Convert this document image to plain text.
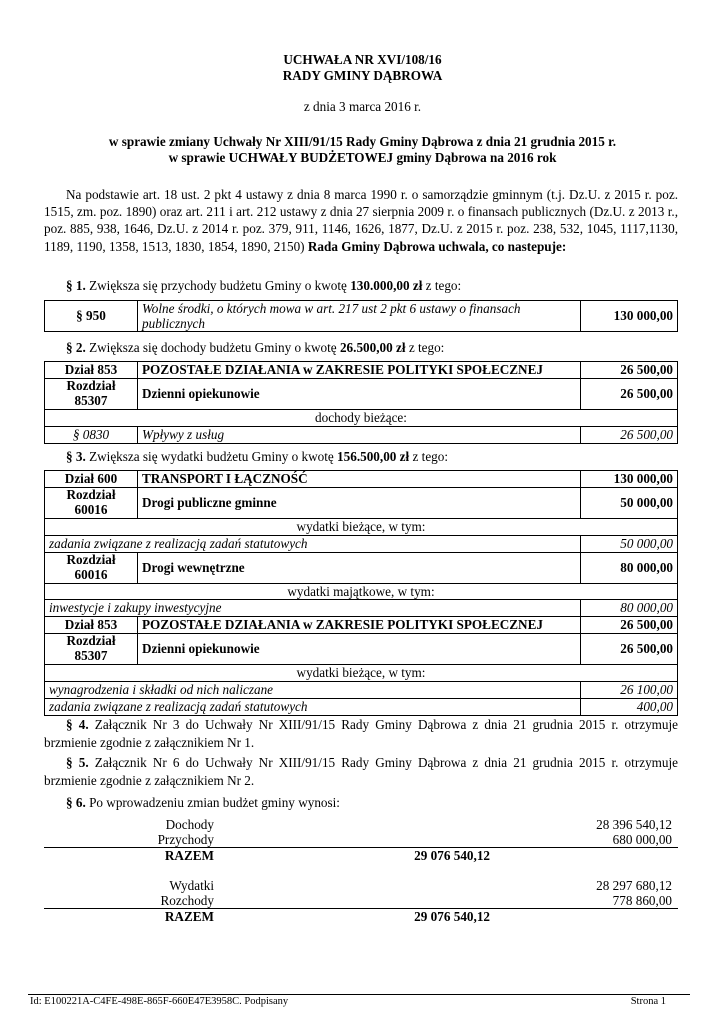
UCHWAŁA NR XVI/108/16
RADY GMINY DĄBROWA
z dnia 3 marca 2016 r.
w sprawie zmiany Uchwały Nr XIII/91/15 Rady Gminy Dąbrowa z dnia 21 grudnia 2015 r.
w sprawie UCHWAŁY BUDŻETOWEJ gminy Dąbrowa na 2016 rok
Na podstawie art. 18 ust. 2 pkt 4 ustawy z dnia 8 marca 1990 r. o samorządzie gminnym (t.j. Dz.U. z 2015 r. poz. 1515, zm. poz. 1890) oraz art. 211 i art. 212 ustawy z dnia 27 sierpnia 2009 r. o finansach publicznych (Dz.U. z 2013 r., poz. 885, 938, 1646, Dz.U. z 2014 r. poz. 379, 911, 1146, 1626, 1877, Dz.U. z 2015 r. poz. 238, 532, 1045, 1117,1130, 1189, 1190, 1358, 1513, 1830, 1854, 1890, 2150) Rada Gminy Dąbrowa uchwala, co nastepuje:
§ 1. Zwiększa się przychody budżetu Gminy o kwotę 130.000,00 zł z tego:
§ 950	Wolne środki, o których mowa w art. 217 ust 2 pkt 6 ustawy o finansach publicznych	130 000,00
§ 2. Zwiększa się dochody budżetu Gminy o kwotę 26.500,00 zł z tego:
Dział 853	POZOSTAŁE DZIAŁANIA w ZAKRESIE POLITYKI SPOŁECZNEJ	26 500,00

Rozdział
85307	Dzienni opiekunowie	26 500,00
dochody bieżące:		
§ 0830	Wpływy z usług	26 500,00
§ 3. Zwiększa się wydatki budżetu Gminy o kwotę 156.500,00 zł z tego:
Dział 600	TRANSPORT I ŁĄCZNOŚĆ	130 000,00

Rozdział
60016	Drogi publiczne gminne	50 000,00
wydatki bieżące, w tym:		
zadania związane z realizacją zadań statutowych		50 000,00

Rozdział
60016	Drogi wewnętrzne	80 000,00
wydatki majątkowe, w tym:		
inwestycje i zakupy inwestycyjne		80 000,00
Dział 853	POZOSTAŁE DZIAŁANIA w ZAKRESIE POLITYKI SPOŁECZNEJ	26 500,00

Rozdział
85307	Dzienni opiekunowie	26 500,00
wydatki bieżące, w tym:		
wynagrodzenia i składki od nich naliczane		26 100,00
zadania związane z realizacją zadań statutowych		400,00
§ 4. Załącznik Nr 3 do Uchwały Nr XIII/91/15 Rady Gminy Dąbrowa z dnia 21 grudnia 2015 r. otrzymuje
brzmienie zgodnie z załącznikiem Nr 1.
§ 5. Załącznik Nr 6 do Uchwały Nr XIII/91/15 Rady Gminy Dąbrowa z dnia 21 grudnia 2015 r. otrzymuje
brzmienie zgodnie z załącznikiem Nr 2.
§ 6. Po wprowadzeniu zmian budżet gminy wynosi:
Dochody	28 396 540,12
Przychody	680 000,00
RAZEM	29 076 540,12
Wydatki	28 297 680,12
Rozchody	778 860,00
RAZEM	29 076 540,12
Id: E100221A-C4FE-498E-865F-660E47E3958C. Podpisany	Strona 1
